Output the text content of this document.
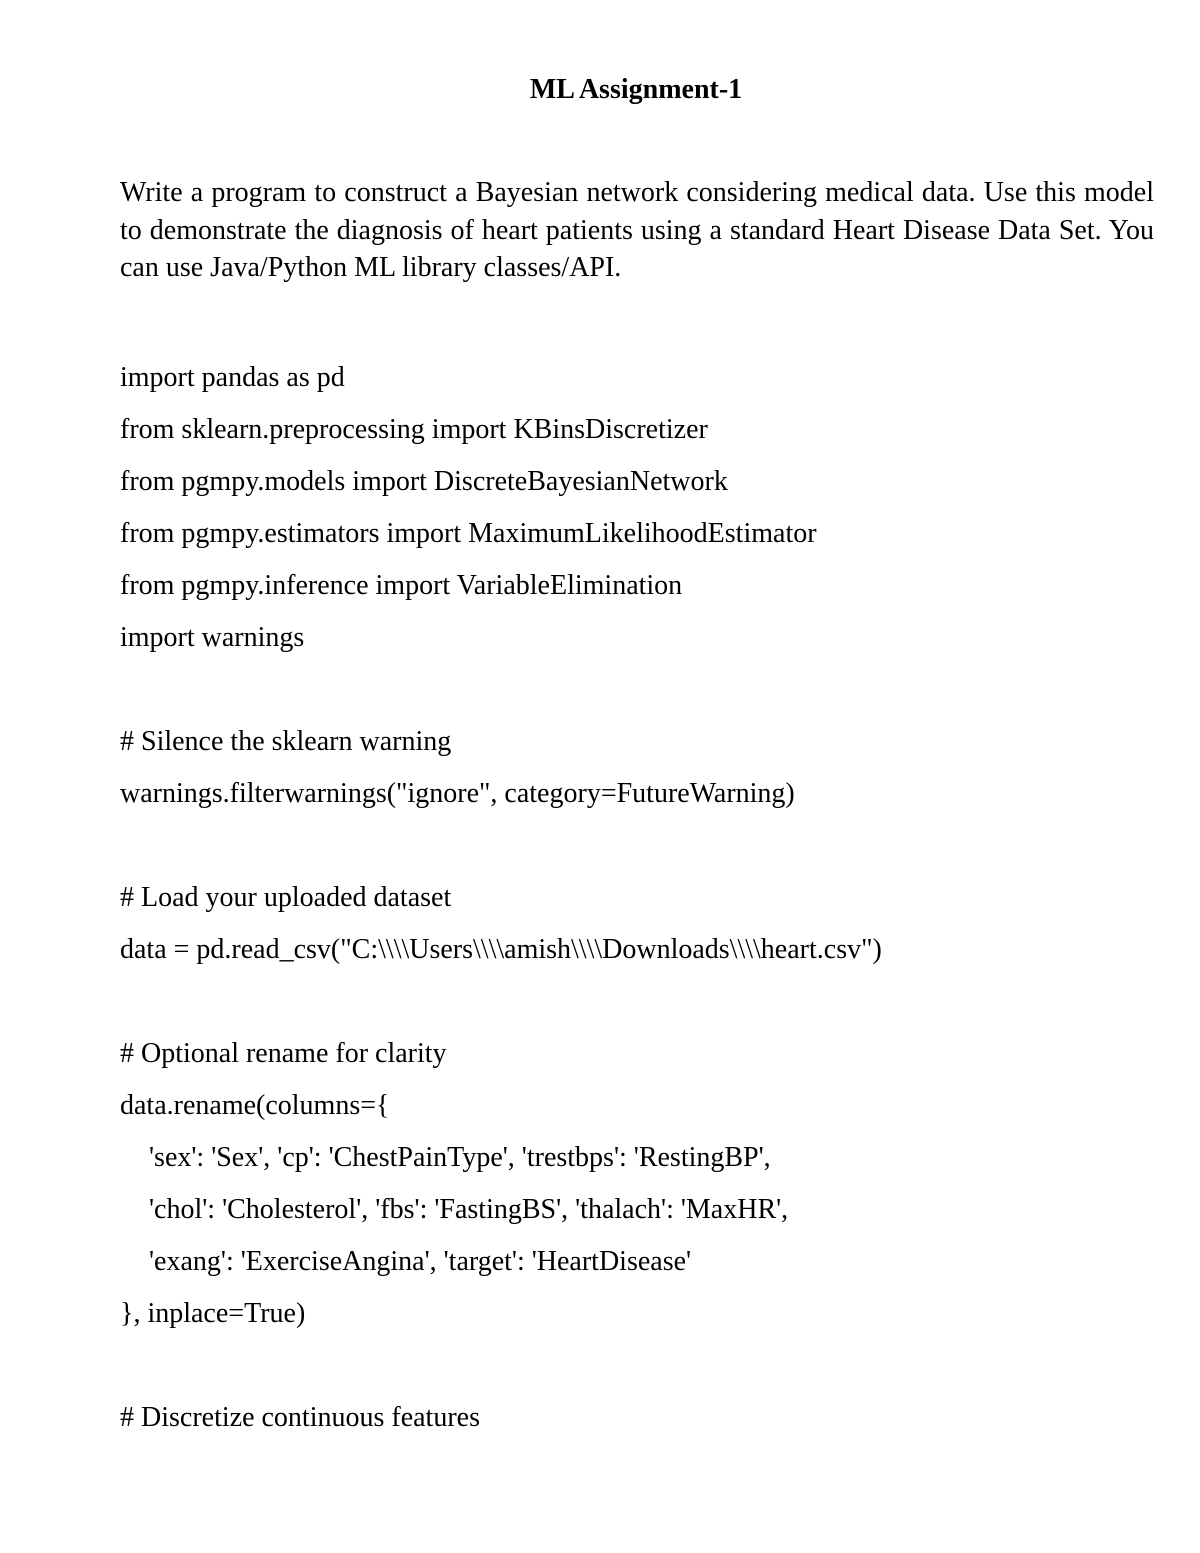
ML Assignment-1

Write a program to construct a Bayesian network considering medical data. Use this model to demonstrate the diagnosis of heart patients using a standard Heart Disease Data Set. You can use Java/Python ML library classes/API.

import pandas as pd
from sklearn.preprocessing import KBinsDiscretizer
from pgmpy.models import DiscreteBayesianNetwork
from pgmpy.estimators import MaximumLikelihoodEstimator
from pgmpy.inference import VariableElimination
import warnings
# Silence the sklearn warning
warnings.filterwarnings("ignore", category=FutureWarning)
# Load your uploaded dataset
data = pd.read_csv("C:\\\\Users\\\\amish\\\\Downloads\\\\heart.csv")
# Optional rename for clarity
data.rename(columns={
'sex': 'Sex', 'cp': 'ChestPainType', 'trestbps': 'RestingBP',
'chol': 'Cholesterol', 'fbs': 'FastingBS', 'thalach': 'MaxHR',
'exang': 'ExerciseAngina', 'target': 'HeartDisease'
}, inplace=True)
# Discretize continuous features
